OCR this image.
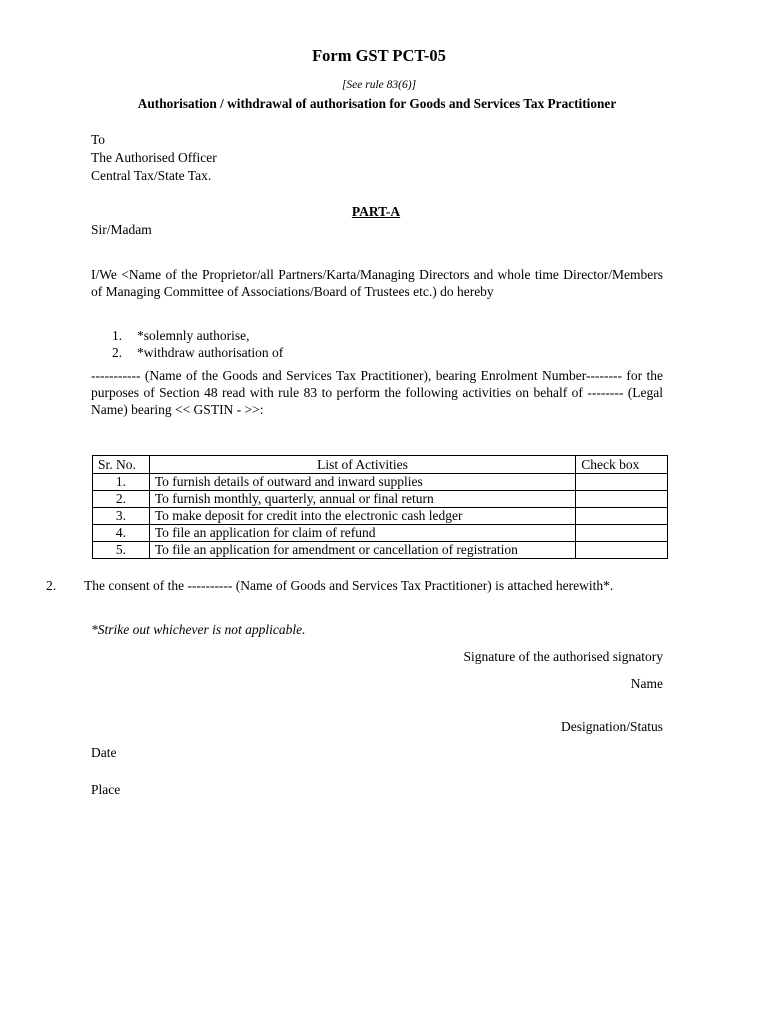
Form GST PCT-05
[See rule 83(6)]
Authorisation / withdrawal of authorisation for Goods and Services Tax Practitioner
To
The Authorised Officer
Central Tax/State Tax.
PART-A
Sir/Madam
I/We <Name of the Proprietor/all Partners/Karta/Managing Directors and whole time Director/Members of Managing Committee of Associations/Board of Trustees etc.) do hereby
1.	*solemnly authorise,
2.	*withdraw authorisation of
----------- (Name of the Goods and Services Tax Practitioner), bearing Enrolment Number-------- for the purposes of Section 48 read with rule 83 to perform the following activities on behalf of -------- (Legal Name) bearing << GSTIN - >>:
Sr. No.	List of Activities	Check box
1.	To furnish details of outward and inward supplies	
2.	To furnish monthly, quarterly, annual or final return	
3.	To make deposit for credit into the electronic cash ledger	
4.	To file an application for claim of refund	
5.	To file an application for amendment or cancellation of registration	
2. The consent of the ---------- (Name of Goods and Services Tax Practitioner) is attached herewith*.
*Strike out whichever is not applicable.
Signature of the authorised signatory
Name
Designation/Status
Date
Place
